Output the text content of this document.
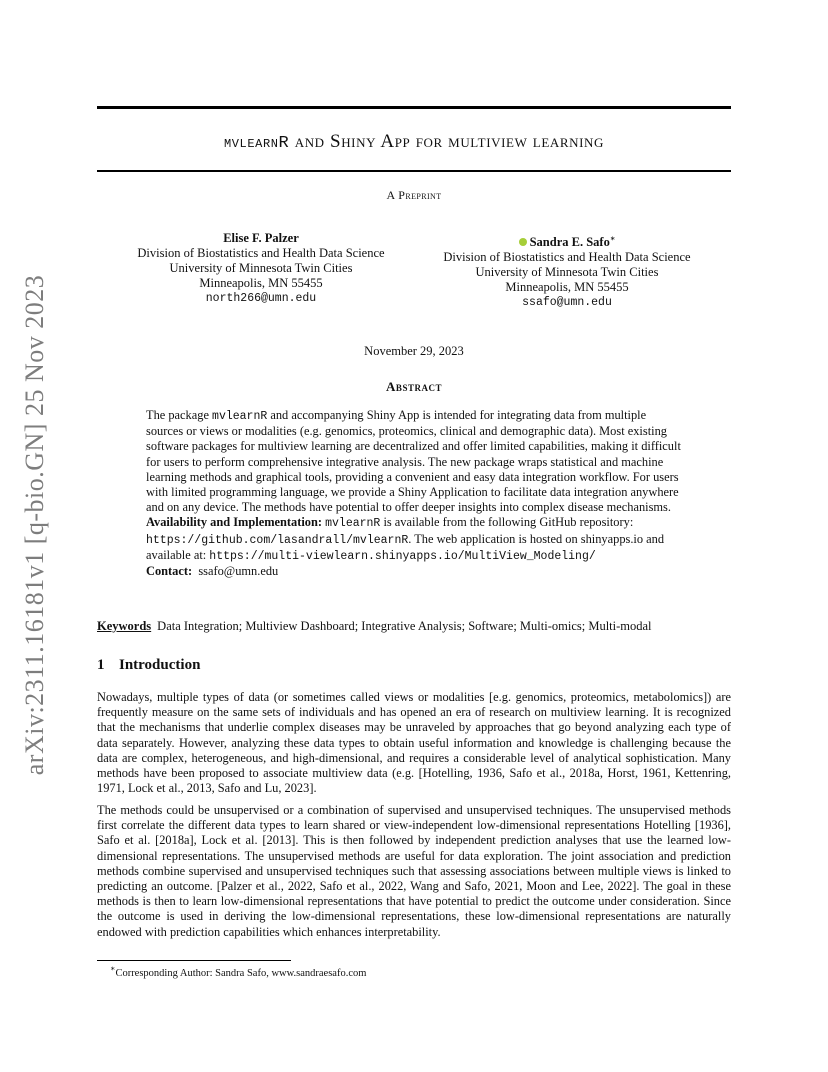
arXiv:2311.16181v1 [q-bio.GN] 25 Nov 2023
mvlearnR and Shiny App for multiview learning
A Preprint
Elise F. Palzer
Division of Biostatistics and Health Data Science
University of Minnesota Twin Cities
Minneapolis, MN 55455
north266@umn.edu
Sandra E. Safo∗
Division of Biostatistics and Health Data Science
University of Minnesota Twin Cities
Minneapolis, MN 55455
ssafo@umn.edu
November 29, 2023
Abstract

The package mvlearnR and accompanying Shiny App is intended for integrating data from multiple sources or views or modalities (e.g. genomics, proteomics, clinical and demographic data). Most existing software packages for multiview learning are decentralized and offer limited capabilities, making it difficult for users to perform comprehensive integrative analysis. The new package wraps statistical and machine learning methods and graphical tools, providing a convenient and easy data integration workflow. For users with limited programming language, we provide a Shiny Application to facilitate data integration anywhere and on any device. The methods have potential to offer deeper insights into complex disease mechanisms.

Availability and Implementation: mvlearnR is available from the following GitHub repository: https://github.com/lasandrall/mvlearnR. The web application is hosted on shinyapps.io and available at: https://multi-viewlearn.shinyapps.io/MultiView_Modeling/

Contact: ssafo@umn.edu

Keywords Data Integration; Multiview Dashboard; Integrative Analysis; Software; Multi-omics; Multi-modal
1 Introduction

Nowadays, multiple types of data (or sometimes called views or modalities [e.g. genomics, proteomics, metabolomics]) are frequently measure on the same sets of individuals and has opened an era of research on multiview learning. It is recognized that the mechanisms that underlie complex diseases may be unraveled by approaches that go beyond analyzing each type of data separately. However, analyzing these data types to obtain useful information and knowledge is challenging because the data are complex, heterogeneous, and high-dimensional, and requires a considerable level of analytical sophistication. Many methods have been proposed to associate multiview data (e.g. [Hotelling, 1936, Safo et al., 2018a, Horst, 1961, Kettenring, 1971, Lock et al., 2013, Safo and Lu, 2023].

The methods could be unsupervised or a combination of supervised and unsupervised techniques. The unsupervised methods first correlate the different data types to learn shared or view-independent low-dimensional representations Hotelling [1936], Safo et al. [2018a], Lock et al. [2013]. This is then followed by independent prediction analyses that use the learned low-dimensional representations. The unsupervised methods are useful for data exploration. The joint association and prediction methods combine supervised and unsupervised techniques such that assessing associations between multiple views is linked to predicting an outcome. [Palzer et al., 2022, Safo et al., 2022, Wang and Safo, 2021, Moon and Lee, 2022]. The goal in these methods is then to learn low-dimensional representations that have potential to predict the outcome under consideration. Since the outcome is used in deriving the low-dimensional representations, these low-dimensional representations are naturally endowed with prediction capabilities which enhances interpretability.

∗Corresponding Author: Sandra Safo, www.sandraesafo.com
